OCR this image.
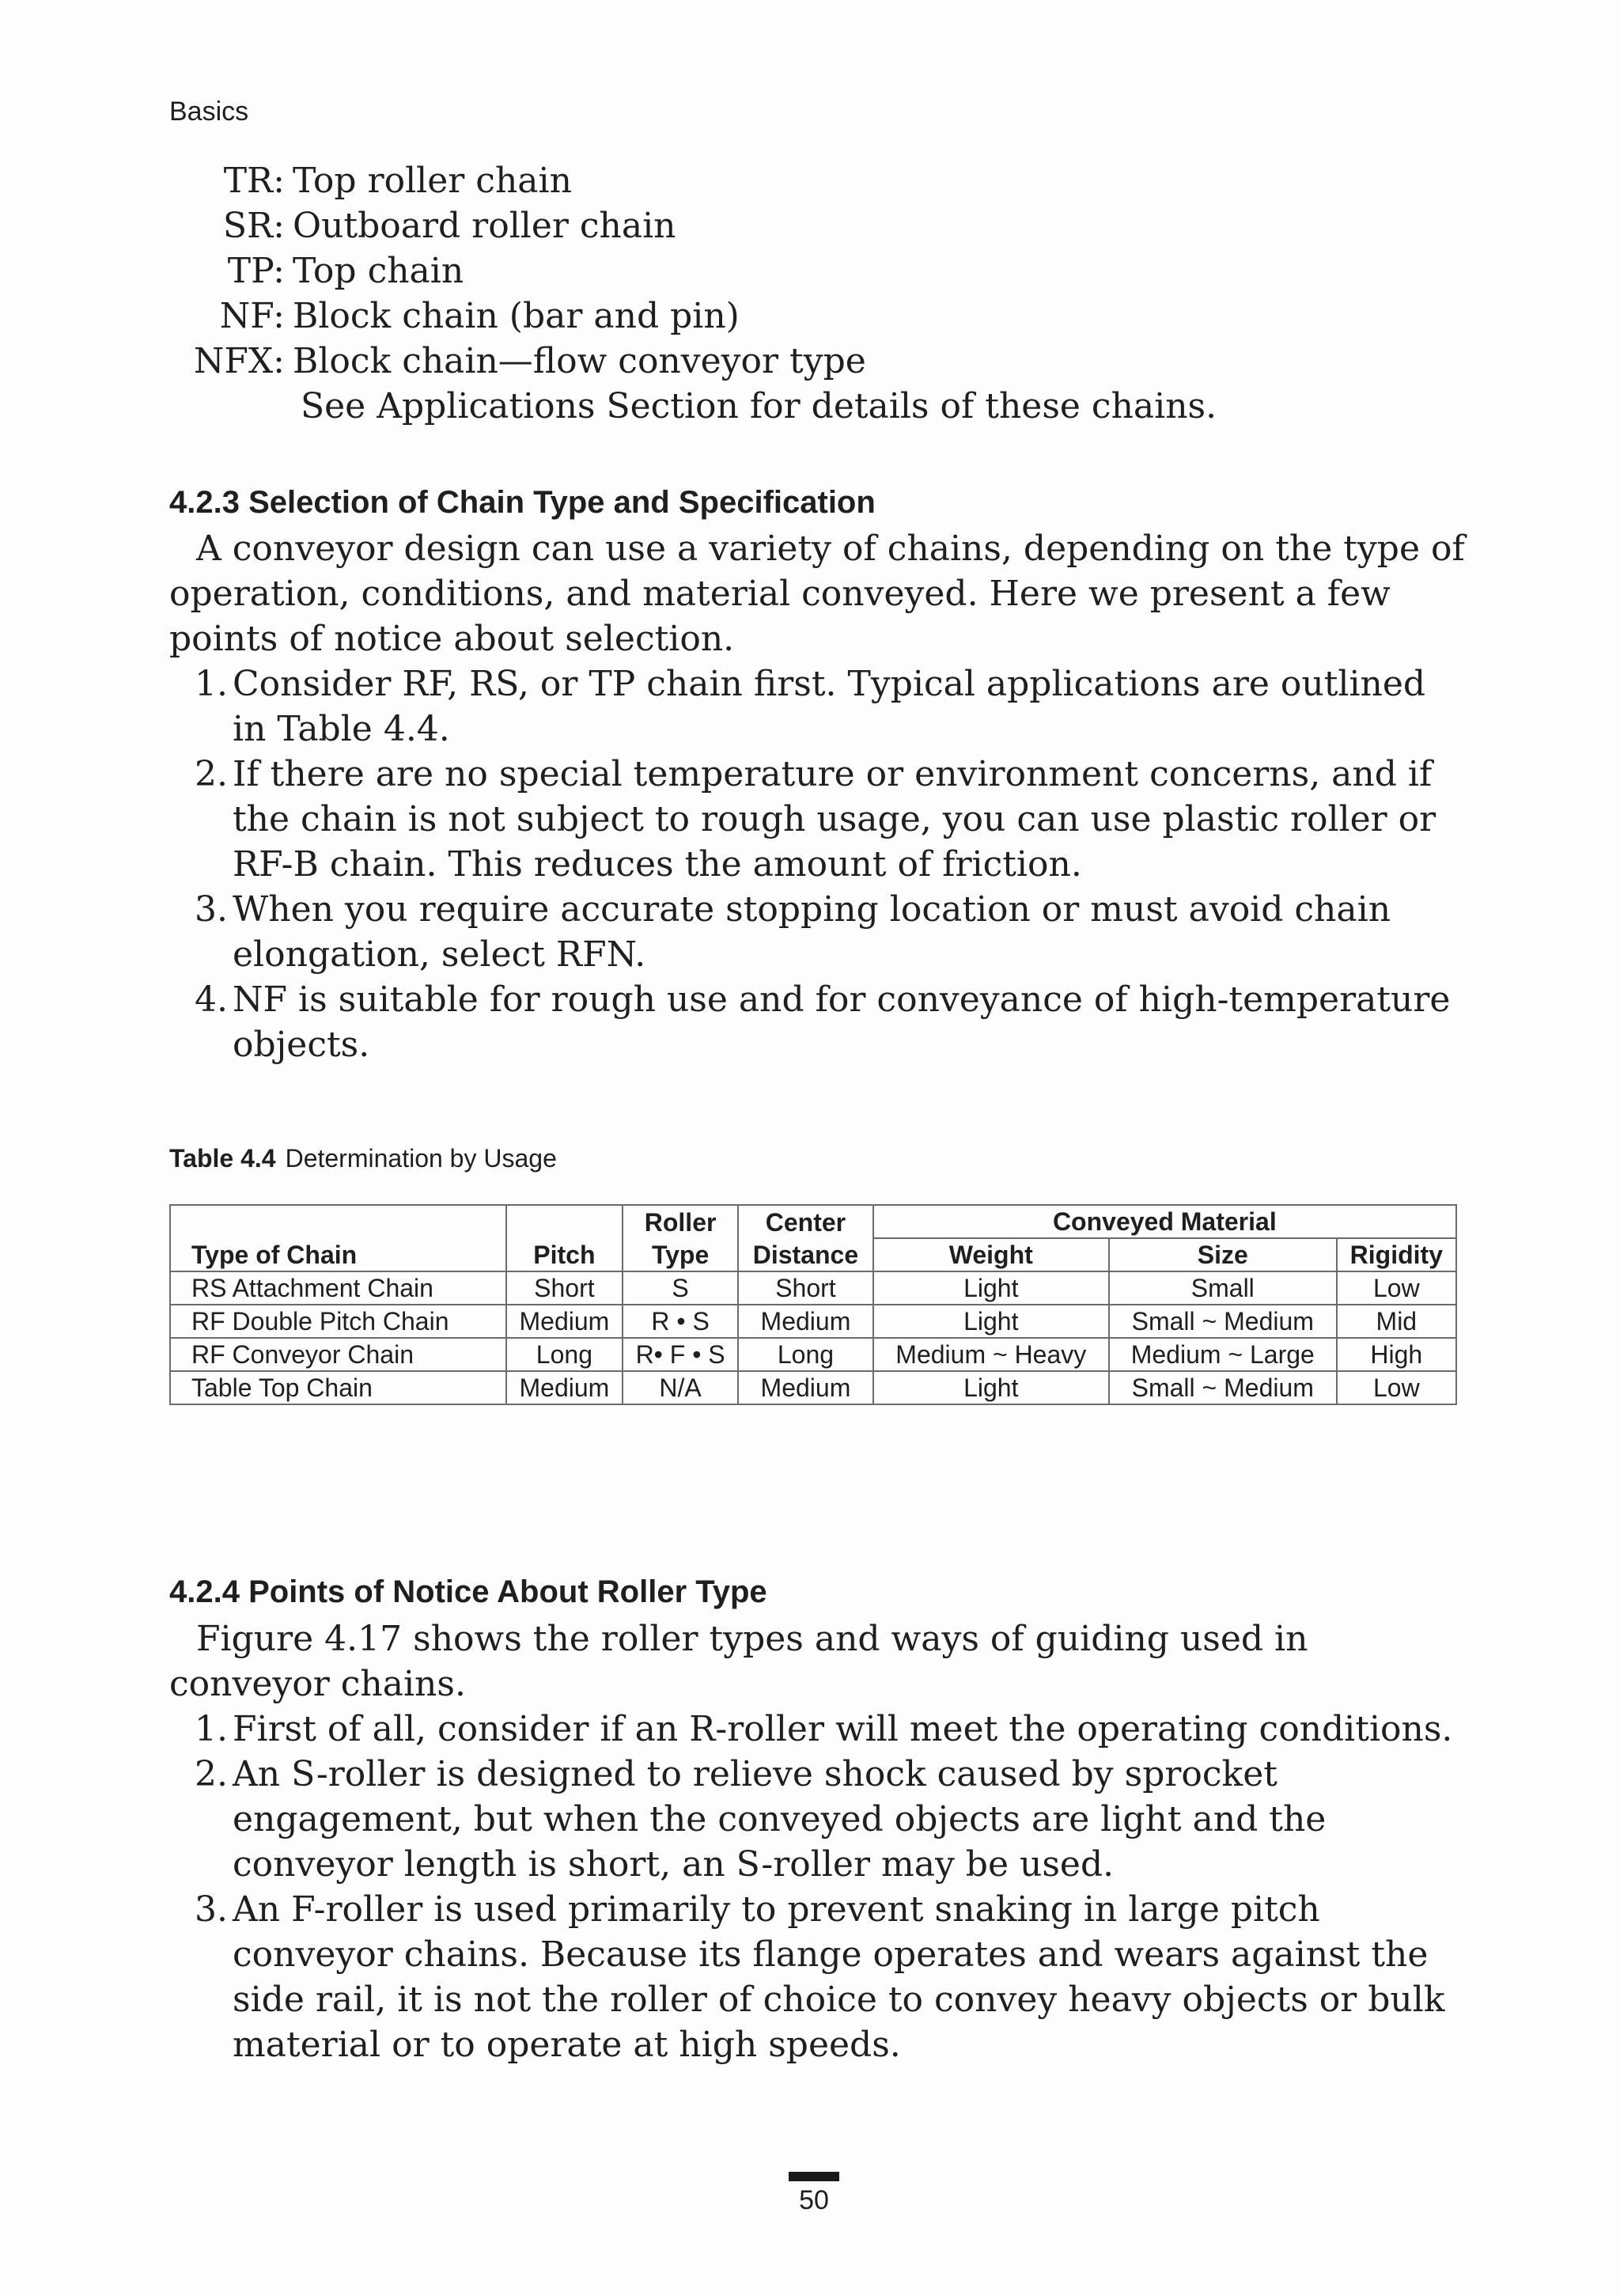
Basics
TR: Top roller chain
SR: Outboard roller chain
TP: Top chain
NF: Block chain (bar and pin)
NFX: Block chain—flow conveyor type
See Applications Section for details of these chains.
4.2.3 Selection of Chain Type and Specification

A conveyor design can use a variety of chains, depending on the type of operation, conditions, and material conveyed. Here we present a few points of notice about selection.

1. Consider RF, RS, or TP chain first. Typical applications are outlined in Table 4.4.
2. If there are no special temperature or environment concerns, and if the chain is not subject to rough usage, you can use plastic roller or RF-B chain. This reduces the amount of friction.
3. When you require accurate stopping location or must avoid chain elongation, select RFN.
4. NF is suitable for rough use and for conveyance of high-temperature objects.
Table 4.4 Determination by Usage
		Roller	Center	Conveyed Material		
Type of Chain	Pitch	Type	Distance	Weight	Size	Rigidity
RS Attachment Chain	Short	S	Short	Light	Small	Low
RF Double Pitch Chain	Medium	R • S	Medium	Light	Small ~ Medium	Mid
RF Conveyor Chain	Long	R• F • S	Long	Medium ~ Heavy	Medium ~ Large	High
Table Top Chain	Medium	N/A	Medium	Light	Small ~ Medium	Low
4.2.4 Points of Notice About Roller Type

Figure 4.17 shows the roller types and ways of guiding used in conveyor chains.

1. First of all, consider if an R-roller will meet the operating conditions.
2. An S-roller is designed to relieve shock caused by sprocket engagement, but when the conveyed objects are light and the conveyor length is short, an S-roller may be used.
3. An F-roller is used primarily to prevent snaking in large pitch conveyor chains. Because its flange operates and wears against the side rail, it is not the roller of choice to convey heavy objects or bulk material or to operate at high speeds.
50
